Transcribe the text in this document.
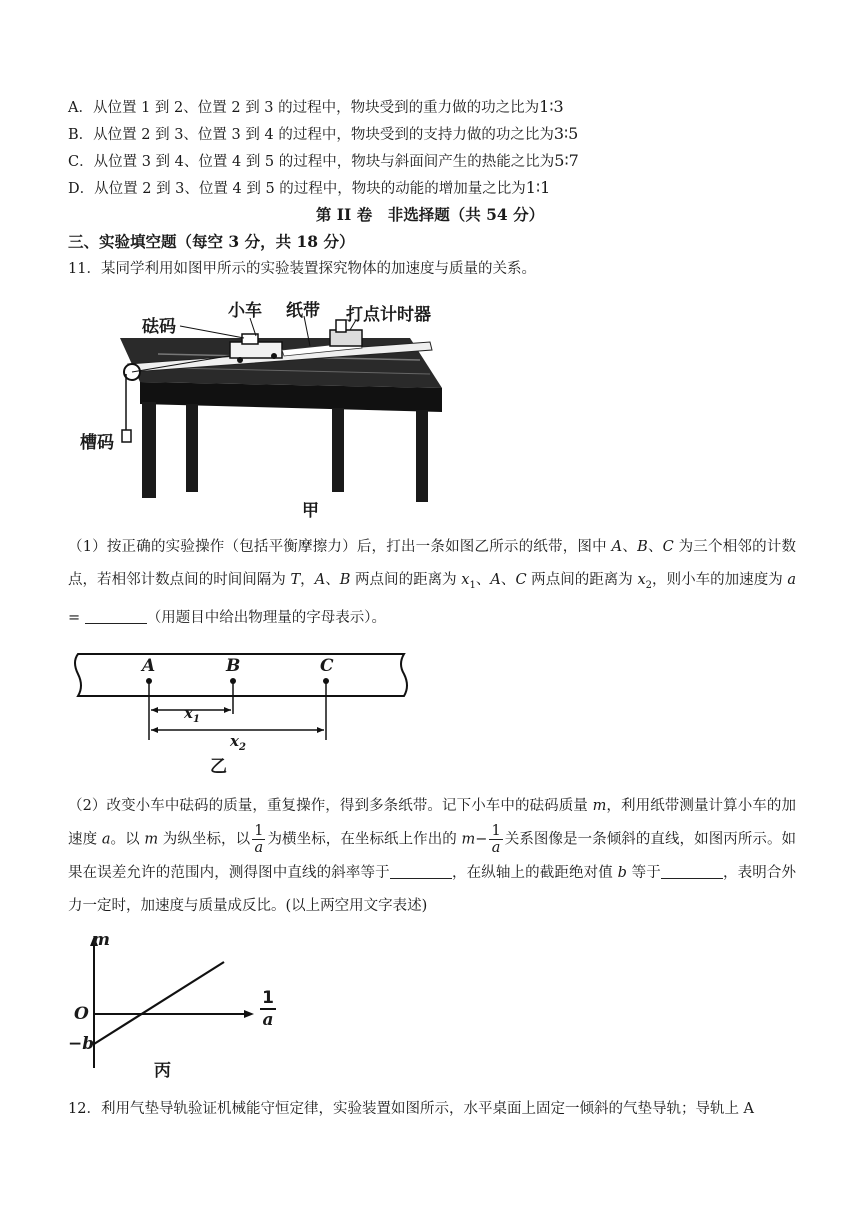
A．从位置 1 到 2、位置 2 到 3 的过程中，物块受到的重力做的功之比为1∶3
B．从位置 2 到 3、位置 3 到 4 的过程中，物块受到的支持力做的功之比为3∶5
C．从位置 3 到 4、位置 4 到 5 的过程中，物块与斜面间产生的热能之比为5∶7
D．从位置 2 到 3、位置 4 到 5 的过程中，物块的动能的增加量之比为1∶1
第 II 卷　非选择题（共 54 分）
三、实验填空题（每空 3 分，共 18 分）
11．某同学利用如图甲所示的实验装置探究物体的加速度与质量的关系。
砝码
小车 纸带 打点计时器
槽码
甲
（1）按正确的实验操作（包括平衡摩擦力）后，打出一条如图乙所示的纸带，图中 A、B、C 为三个相邻的计数点，若相邻计数点间的时间间隔为 T，A、B 两点间的距离为 $x_1$、A、C 两点间的距离为 $x_2$，则小车的加速度为 a =	（用题目中给出物理量的字母表示）。
A	B	C
$x_1$
$x_2$
乙
（2）改变小车中砝码的质量，重复操作，得到多条纸带。记下小车中的砝码质量 m，利用纸带测量计算小车的加速度 a。以 m 为纵坐标，以 $\frac{1}{a}$ 为横坐标，在坐标纸上作出的 $m- \frac{1}{a}$ 关系图像是一条倾斜的直线，如图丙所示。如果在误差允许的范围内，测得图中直线的斜率等于	，在纵轴上的截距绝对值 b 等于	，表明合外力一定时，加速度与质量成反比。(以上两空用文字表述)
m
O
−b
$\frac{1}{a}$
丙
12．利用气垫导轨验证机械能守恒定律，实验装置如图所示，水平桌面上固定一倾斜的气垫导轨；导轨上 A
